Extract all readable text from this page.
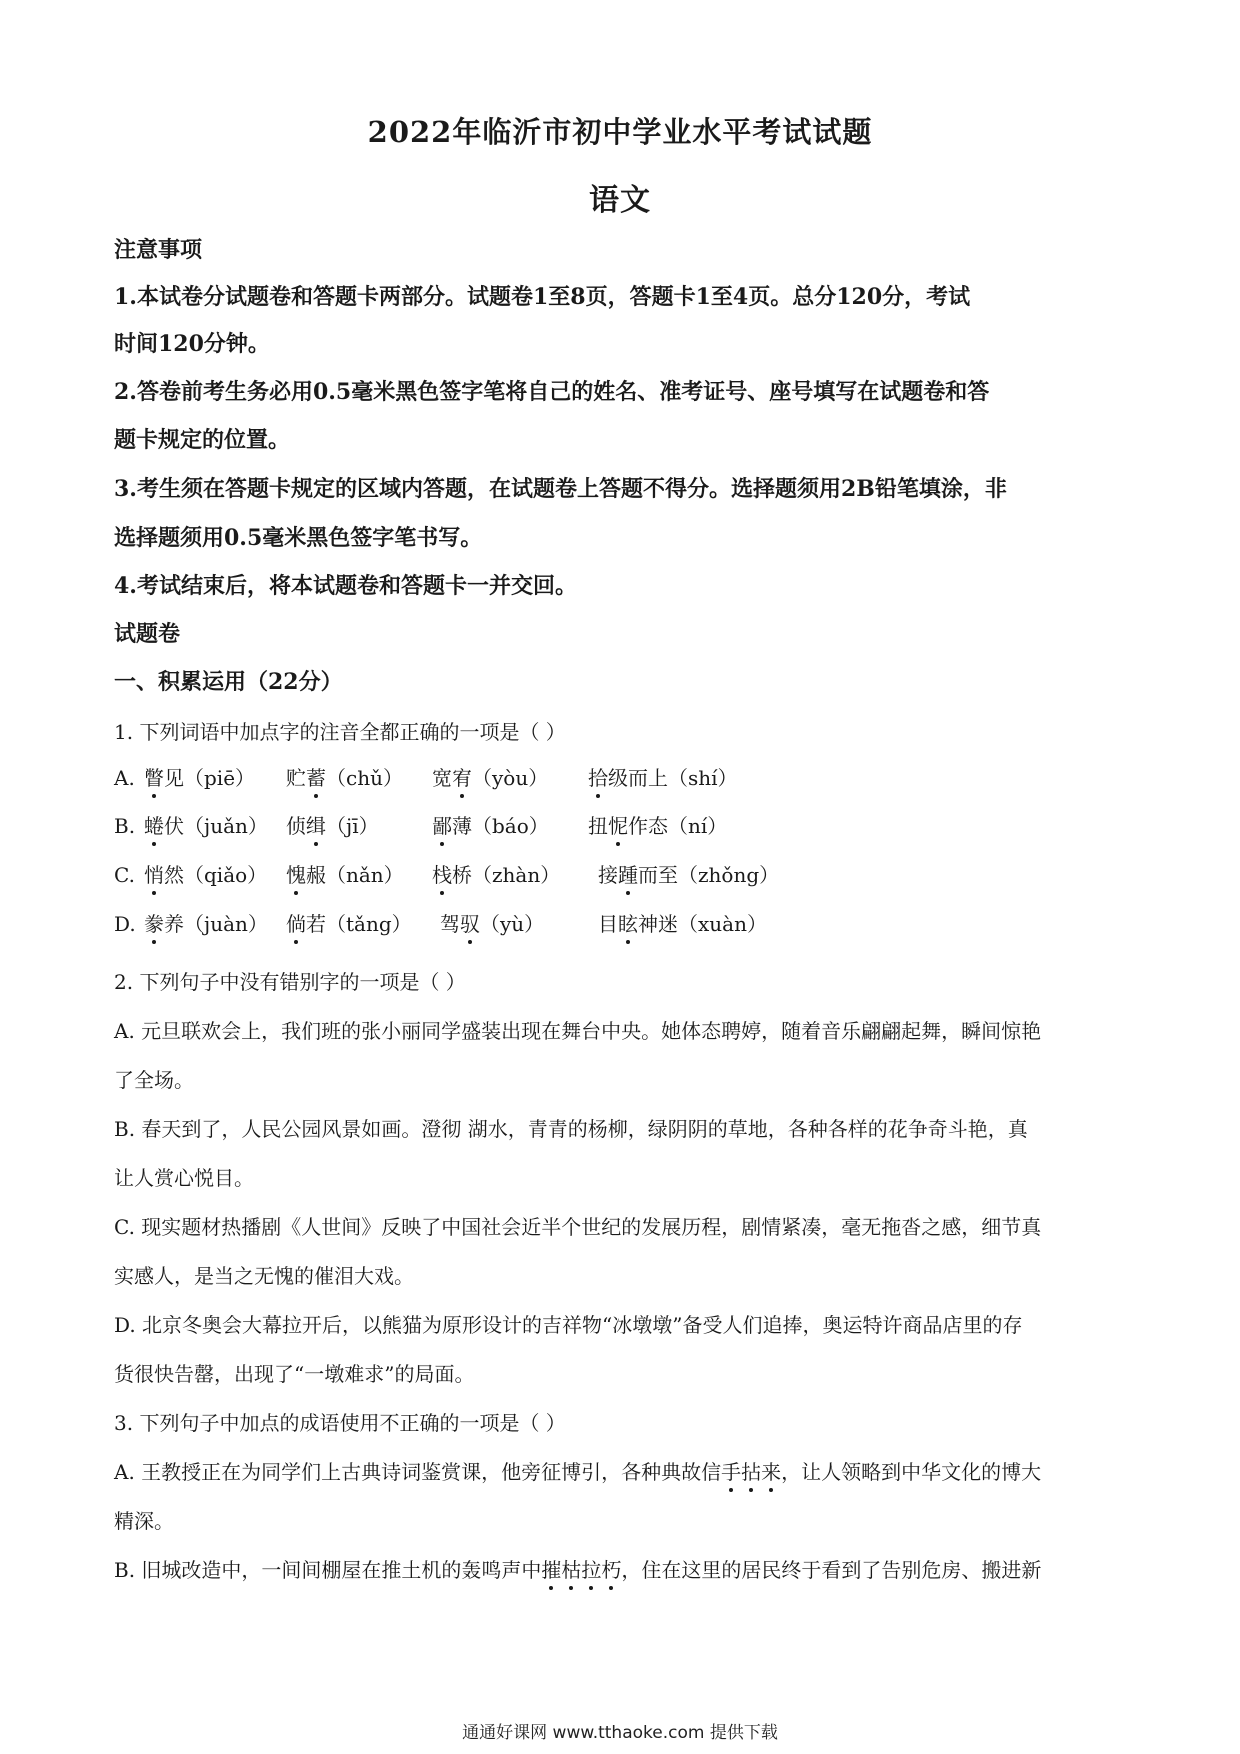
2022年临沂市初中学业水平考试试题
语文
注意事项
1.本试卷分试题卷和答题卡两部分。试题卷1至8页，答题卡1至4页。总分120分，考试
时间120分钟。
2.答卷前考生务必用0.5毫米黑色签字笔将自己的姓名、准考证号、座号填写在试题卷和答
题卡规定的位置。
3.考生须在答题卡规定的区域内答题，在试题卷上答题不得分。选择题须用2B铅笔填涂，非
选择题须用0.5毫米黑色签字笔书写。
4.考试结束后，将本试题卷和答题卡一并交回。
试题卷
一、积累运用（22分）
1. 下列词语中加点字的注音全都正确的一项是（ ）
A. 瞥见（piē） 贮蓄（chǔ） 宽宥（yòu） 拾级而上（shí）
B. 蜷伏（juǎn） 侦缉（jī）	鄙薄（báo） 扭怩作态（ní）
C. 悄然（qiǎo） 愧赧（nǎn） 栈桥（zhàn） 接踵而至（zhǒng）
D. 豢养（juàn） 倘若（tǎng） 驾驭（yù）	目眩神迷（xuàn）
2. 下列句子中没有错别字的一项是（ ）
A. 元旦联欢会上，我们班的张小丽同学盛装出现在舞台中央。她体态聘婷，随着音乐翩翩起舞，瞬间惊艳
了全场。
B. 春天到了，人民公园风景如画。澄彻 湖水，青青的杨柳，绿阴阴的草地，各种各样的花争奇斗艳，真
让人赏心悦目。
C. 现实题材热播剧《人世间》反映了中国社会近半个世纪的发展历程，剧情紧凑，毫无拖沓之感，细节真
实感人，是当之无愧的催泪大戏。
D. 北京冬奥会大幕拉开后，以熊猫为原形设计的吉祥物“冰墩墩”备受人们追捧，奥运特许商品店里的存
货很快告罄，出现了“一墩难求”的局面。
3. 下列句子中加点的成语使用不正确的一项是（ ）
A. 王教授正在为同学们上古典诗词鉴赏课，他旁征博引，各种典故信手拈来，让人领略到中华文化的博大
精深。
B. 旧城改造中，一间间棚屋在推土机的轰鸣声中摧枯拉朽，住在这里的居民终于看到了告别危房、搬进新
通通好课网 www.tthaoke.com 提供下载
